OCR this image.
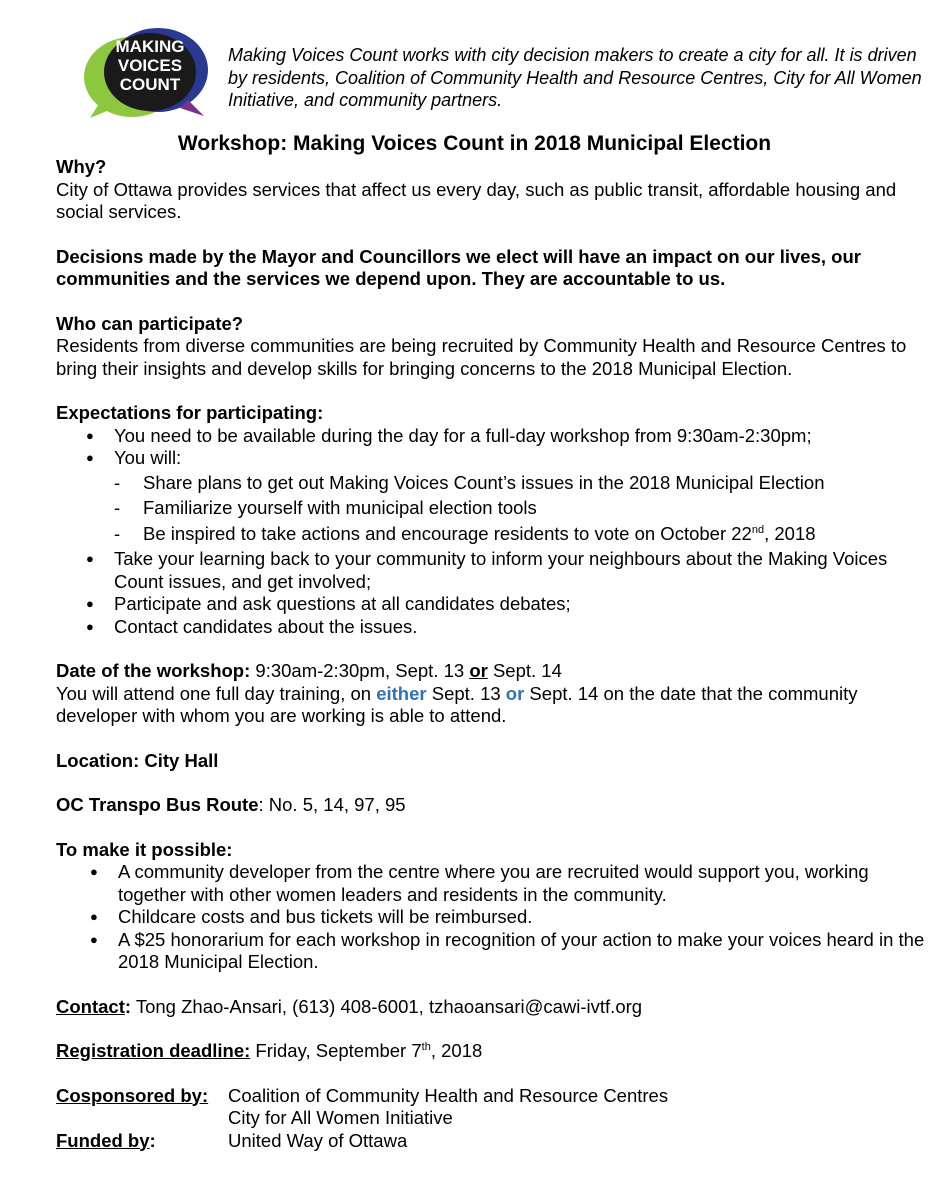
MAKING
VOICES
COUNT
Making Voices Count works with city decision makers to create a city for all. It is driven by residents, Coalition of Community Health and Resource Centres, City for All Women Initiative, and community partners.
Workshop: Making Voices Count in 2018 Municipal Election

Why?

City of Ottawa provides services that affect us every day, such as public transit, affordable housing and social services.

Decisions made by the Mayor and Councillors we elect will have an impact on our lives, our communities and the services we depend upon. They are accountable to us.

Who can participate?

Residents from diverse communities are being recruited by Community Health and Resource Centres to bring their insights and develop skills for bringing concerns to the 2018 Municipal Election.

Expectations for participating:

● You need to be available during the day for a full-day workshop from 9:30am-2:30pm;
● You will:
- Share plans to get out Making Voices Count’s issues in the 2018 Municipal Election
- Familiarize yourself with municipal election tools
- Be inspired to take actions and encourage residents to vote on October 22nd, 2018
● Take your learning back to your community to inform your neighbours about the Making Voices Count issues, and get involved;
● Participate and ask questions at all candidates debates;
● Contact candidates about the issues.

Date of the workshop: 9:30am-2:30pm, Sept. 13 or Sept. 14

You will attend one full day training, on either Sept. 13 or Sept. 14 on the date that the community developer with whom you are working is able to attend.

Location: City Hall

OC Transpo Bus Route: No. 5, 14, 97, 95

To make it possible:

● A community developer from the centre where you are recruited would support you, working together with other women leaders and residents in the community.
● Childcare costs and bus tickets will be reimbursed.
● A $25 honorarium for each workshop in recognition of your action to make your voices heard in the 2018 Municipal Election.

Contact: Tong Zhao-Ansari, (613) 408-6001, tzhaoansari@cawi-ivtf.org

Registration deadline: Friday, September 7th, 2018

Cosponsored by: Coalition of Community Health and Resource Centres

City for All Women Initiative

Funded by:	United Way of Ottawa
